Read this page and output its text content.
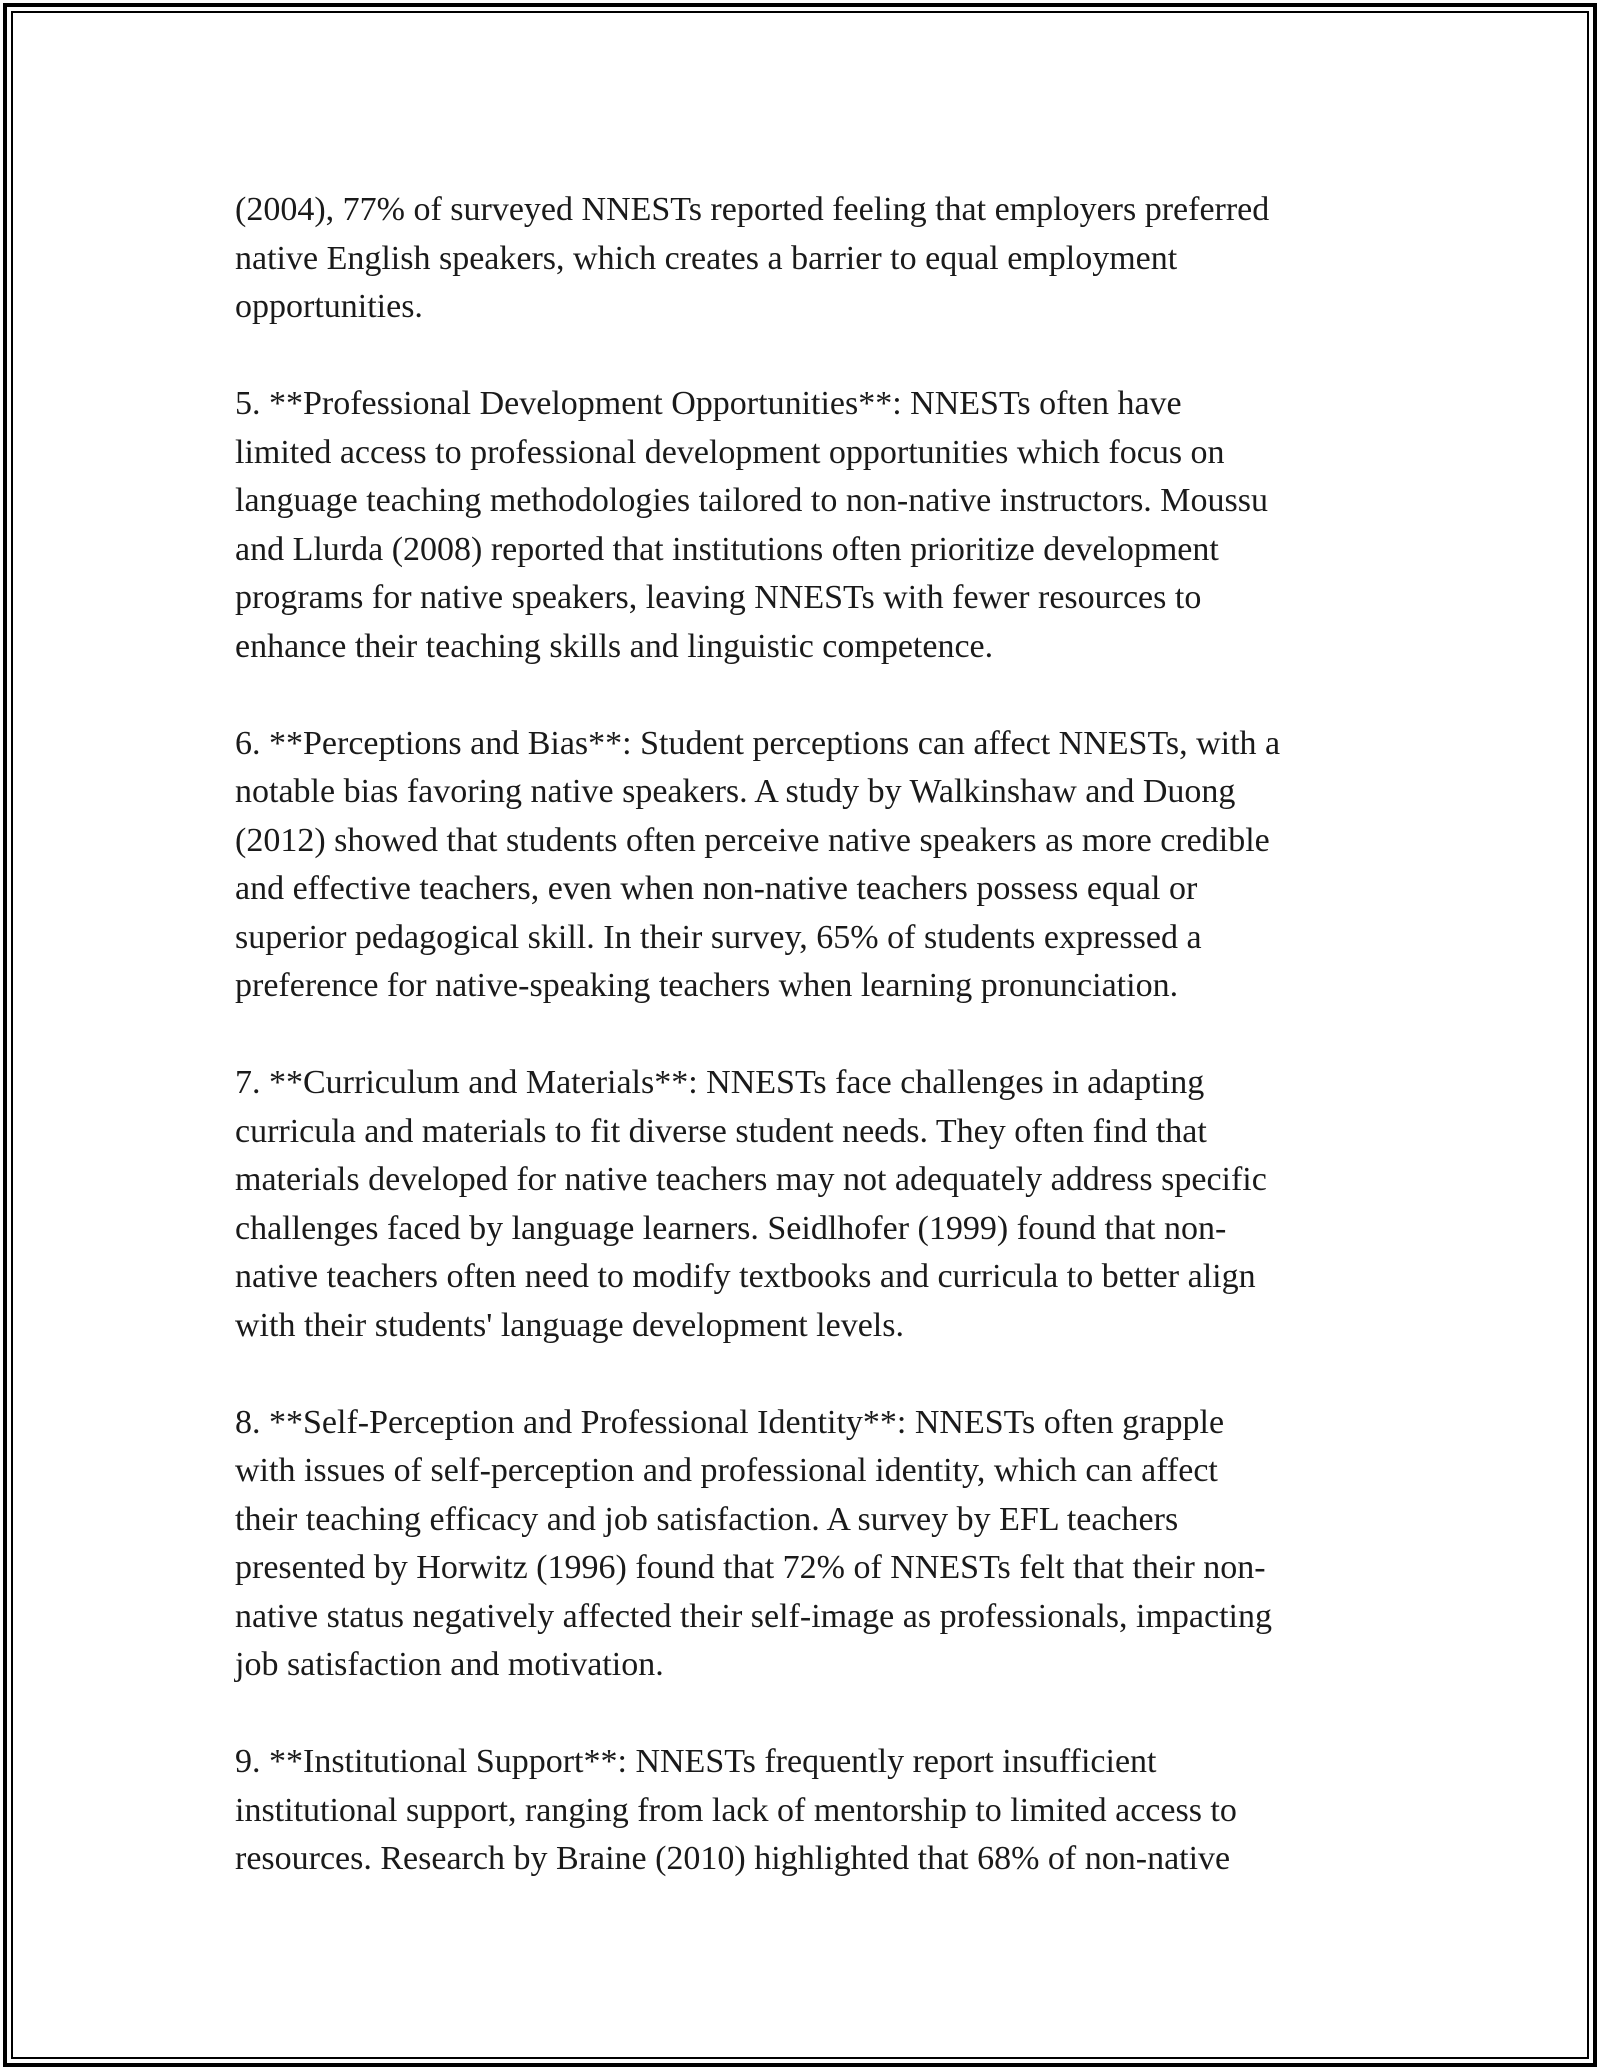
(2004), 77% of surveyed NNESTs reported feeling that employers preferred
native English speakers, which creates a barrier to equal employment
opportunities.

5. **Professional Development Opportunities**: NNESTs often have
limited access to professional development opportunities which focus on
language teaching methodologies tailored to non-native instructors. Moussu
and Llurda (2008) reported that institutions often prioritize development
programs for native speakers, leaving NNESTs with fewer resources to
enhance their teaching skills and linguistic competence.

6. **Perceptions and Bias**: Student perceptions can affect NNESTs, with a
notable bias favoring native speakers. A study by Walkinshaw and Duong
(2012) showed that students often perceive native speakers as more credible
and effective teachers, even when non-native teachers possess equal or
superior pedagogical skill. In their survey, 65% of students expressed a
preference for native-speaking teachers when learning pronunciation.

7. **Curriculum and Materials**: NNESTs face challenges in adapting
curricula and materials to fit diverse student needs. They often find that
materials developed for native teachers may not adequately address specific
challenges faced by language learners. Seidlhofer (1999) found that non-
native teachers often need to modify textbooks and curricula to better align
with their students' language development levels.

8. **Self-Perception and Professional Identity**: NNESTs often grapple
with issues of self-perception and professional identity, which can affect
their teaching efficacy and job satisfaction. A survey by EFL teachers
presented by Horwitz (1996) found that 72% of NNESTs felt that their non-
native status negatively affected their self-image as professionals, impacting
job satisfaction and motivation.

9. **Institutional Support**: NNESTs frequently report insufficient
institutional support, ranging from lack of mentorship to limited access to
resources. Research by Braine (2010) highlighted that 68% of non-native
